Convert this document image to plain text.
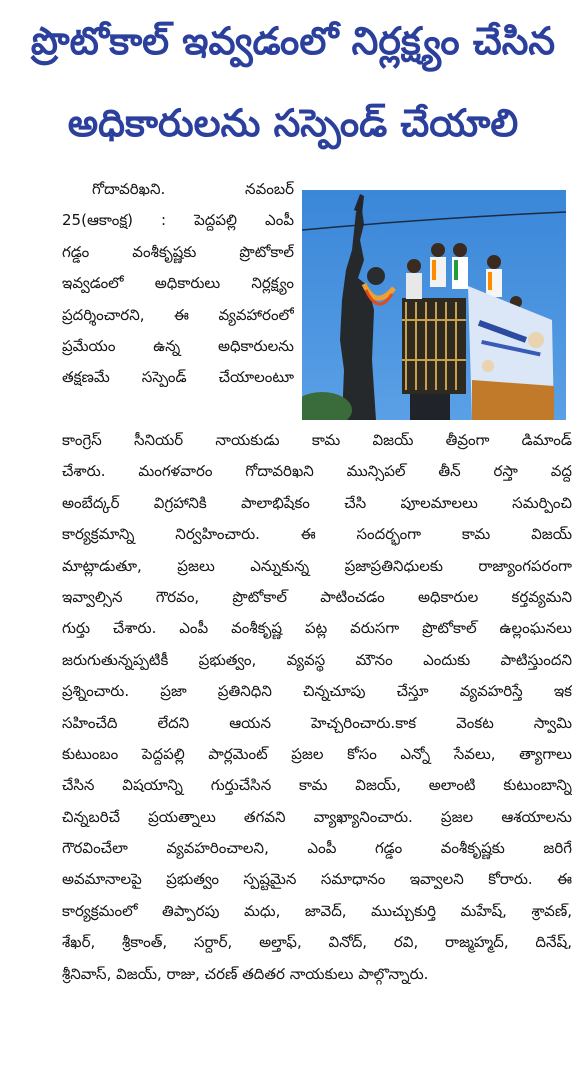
ప్రొటోకాల్ ఇవ్వడంలో నిర్లక్ష్యం చేసిన
అధికారులను సస్పెండ్ చేయాలి
గోదావరిఖని. నవంబర్
25(ఆకాంక్ష) : పెద్దపల్లి ఎంపీ
గడ్డం వంశీకృష్ణకు ప్రొటోకాల్
ఇవ్వడంలో అధికారులు నిర్లక్ష్యం
ప్రదర్శించారని, ఈ వ్యవహారంలో
ప్రమేయం ఉన్న అధికారులను
తక్షణమే సస్పెండ్ చేయాలంటూ
కాంగ్రెస్ సీనియర్ నాయకుడు కామ విజయ్ తీవ్రంగా డిమాండ్
చేశారు. మంగళవారం గోదావరిఖని మున్సిపల్ తీన్ రస్తా వద్ద
అంబేద్కర్ విగ్రహానికి పాలాభిషేకం చేసి పూలమాలలు సమర్పించి
కార్యక్రమాన్ని నిర్వహించారు. ఈ సందర్భంగా కామ విజయ్
మాట్లాడుతూ, ప్రజలు ఎన్నుకున్న ప్రజాప్రతినిధులకు రాజ్యాంగపరంగా
ఇవ్వాల్సిన గౌరవం, ప్రొటోకాల్ పాటించడం అధికారుల కర్తవ్యమని
గుర్తు చేశారు. ఎంపీ వంశీకృష్ణ పట్ల వరుసగా ప్రొటోకాల్ ఉల్లంఘనలు
జరుగుతున్నప్పటికీ ప్రభుత్వం, వ్యవస్థ మౌనం ఎందుకు పాటిస్తుందని
ప్రశ్నించారు. ప్రజా ప్రతినిధిని చిన్నచూపు చేస్తూ వ్యవహరిస్తే ఇక
సహించేది లేదని ఆయన హెచ్చరించారు.కాక వెంకట స్వామి
కుటుంబం పెద్దపల్లి పార్లమెంట్ ప్రజల కోసం ఎన్నో సేవలు, త్యాగాలు
చేసిన విషయాన్ని గుర్తుచేసిన కామ విజయ్, అలాంటి కుటుంబాన్ని
చిన్నబరిచే ప్రయత్నాలు తగవని వ్యాఖ్యానించారు. ప్రజల ఆశయాలను
గౌరవించేలా వ్యవహరించాలని, ఎంపీ గడ్డం వంశీకృష్ణకు జరిగే
అవమానాలపై ప్రభుత్వం స్పష్టమైన సమాధానం ఇవ్వాలని కోరారు. ఈ
కార్యక్రమంలో తిప్పారపు మధు, జావెద్, ముచ్చుకుర్తి మహేష్, శ్రావణ్,
శేఖర్, శ్రీకాంత్, సర్దార్, అల్తాఫ్, వినోద్, రవి, రాజ్మహ్మద్, దినేష్,
శ్రీనివాస్, విజయ్, రాజు, చరణ్ తదితర నాయకులు పాల్గొన్నారు.
